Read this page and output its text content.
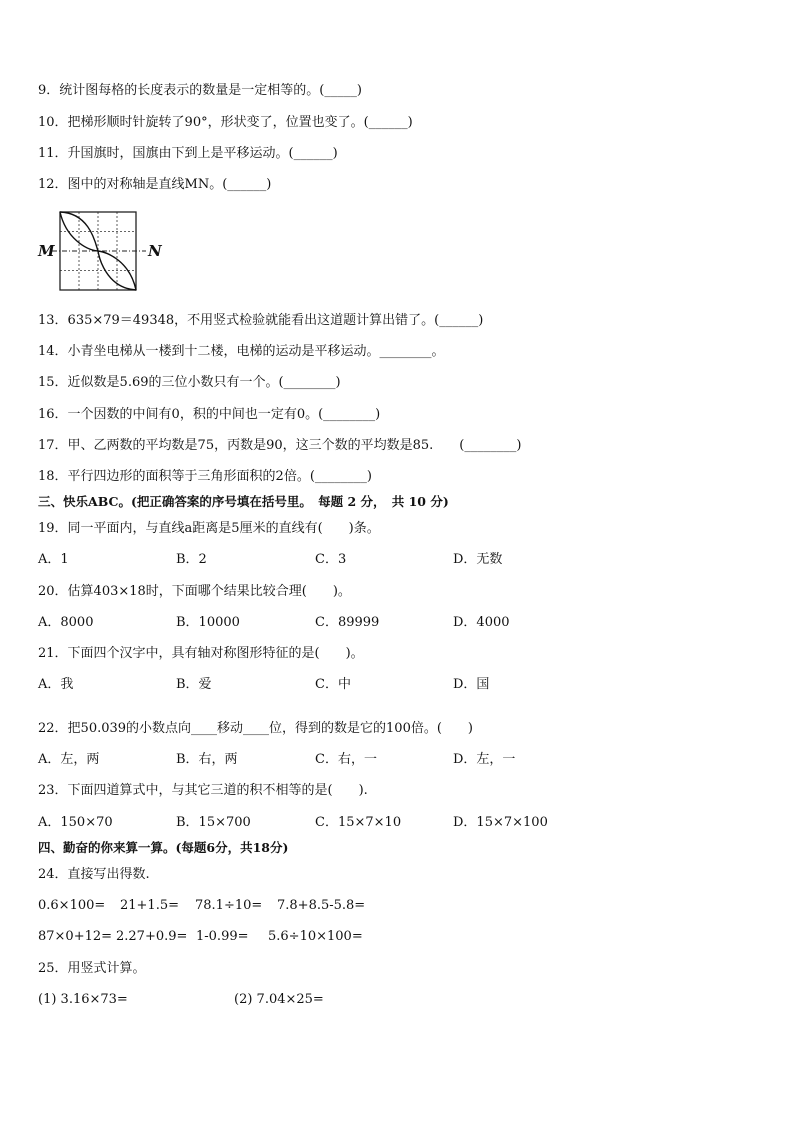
9．统计图每格的长度表示的数量是一定相等的。(_____)
10．把梯形顺时针旋转了90°，形状变了，位置也变了。(______)
11．升国旗时，国旗由下到上是平移运动。(______)
12．图中的对称轴是直线MN。(______)
M	N
13．635×79＝49348，不用竖式检验就能看出这道题计算出错了。(______)
14．小青坐电梯从一楼到十二楼，电梯的运动是平移运动。________。
15．近似数是5.69的三位小数只有一个。(________)
16．一个因数的中间有0，积的中间也一定有0。(________)
17．甲、乙两数的平均数是75，丙数是90，这三个数的平均数是85.　　(________)
18．平行四边形的面积等于三角形面积的2倍。(________)
三、快乐ABC。(把正确答案的序号填在括号里。　每题 2 分，　共 10 分)
19．同一平面内，与直线a距离是5厘米的直线有(　　)条。
A．1	B．2	C．3	D．无数
20．估算403×18时，下面哪个结果比较合理(　　)。
A．8000	B．10000	C．89999	D．4000
21．下面四个汉字中，具有轴对称图形特征的是(　　)。
A．我	B．爱	C．中	D．国
22．把50.039的小数点向____移动____位，得到的数是它的100倍。(　　)
A．左，两	B．右，两	C．右，一	D．左，一
23．下面四道算式中，与其它三道的积不相等的是(　　).
A．150×70	B．15×700	C．15×7×10	D．15×7×100
四、勤奋的你来算一算。(每题6分，共18分)
24．直接写出得数.
0.6×100= 21+1.5= 78.1÷10= 7.8+8.5-5.8=
87×0+12= 2.27+0.9= 1-0.99= 5.6÷10×100=
25．用竖式计算。
(1) 3.16×73=	(2) 7.04×25=
